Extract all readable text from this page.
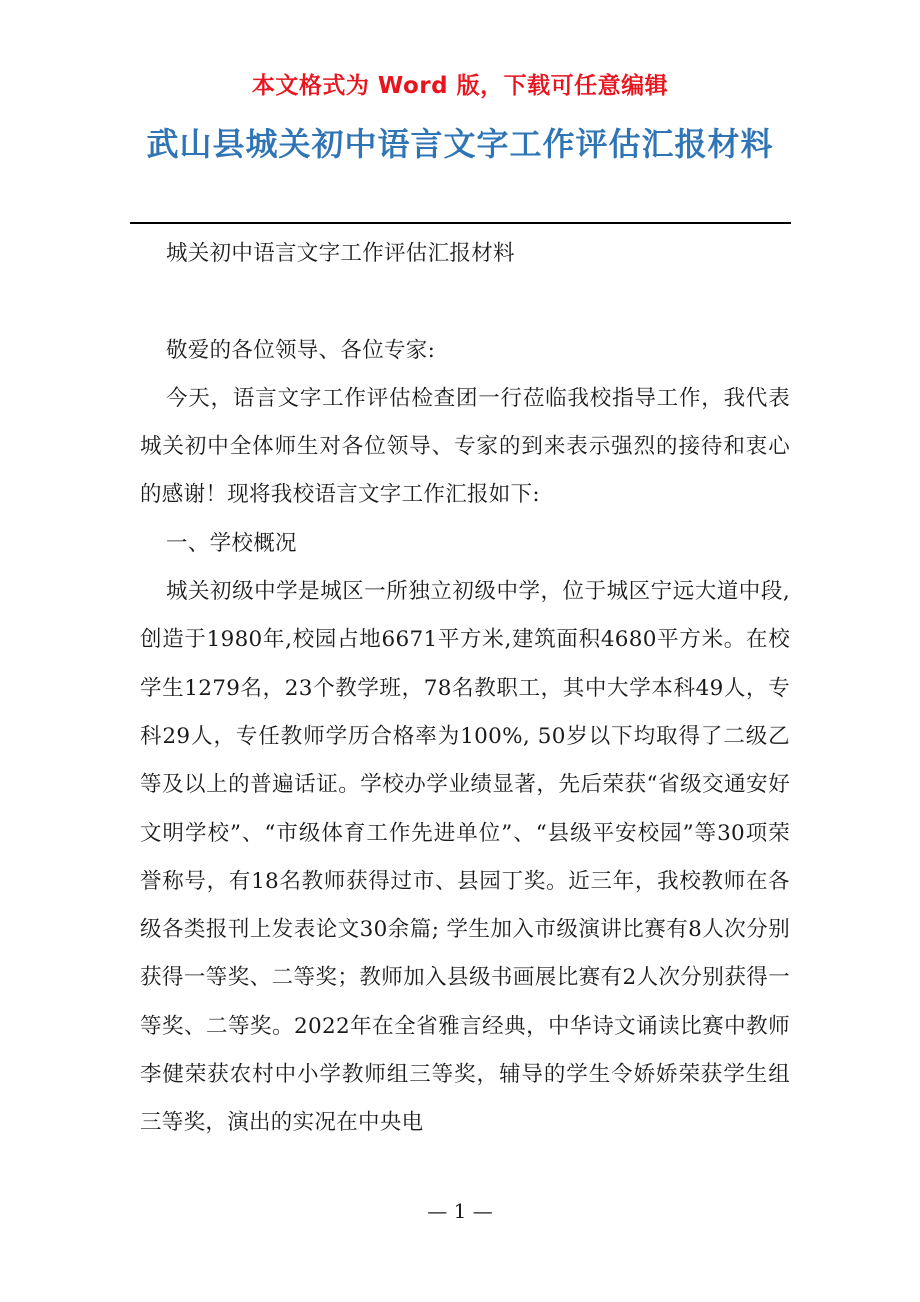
本文格式为 Word 版，下载可任意编辑
武山县城关初中语言文字工作评估汇报材料

城关初中语言文字工作评估汇报材料

敬爱的各位领导、各位专家:

今天，语言文字工作评估检查团一行莅临我校指导工作，我代表城关初中全体师生对各位领导、专家的到来表示强烈的接待和衷心的感谢！现将我校语言文字工作汇报如下:

一、学校概况

城关初级中学是城区一所独立初级中学，位于城区宁远大道中段,创造于1980年,校园占地6671平方米,建筑面积4680平方米。在校学生1279名，23个教学班，78名教职工，其中大学本科49人，专科29人，专任教师学历合格率为100%, 50岁以下均取得了二级乙等及以上的普遍话证。学校办学业绩显著，先后荣获“省级交通安好文明学校”、“市级体育工作先进单位”、“县级平安校园”等30项荣誉称号，有18名教师获得过市、县园丁奖。近三年，我校教师在各级各类报刊上发表论文30余篇; 学生加入市级演讲比赛有8人次分别获得一等奖、二等奖；教师加入县级书画展比赛有2人次分别获得一等奖、二等奖。2022年在全省雅言经典，中华诗文诵读比赛中教师李健荣获农村中小学教师组三等奖，辅导的学生令娇娇荣获学生组三等奖，演出的实况在中央电

— 1 —
